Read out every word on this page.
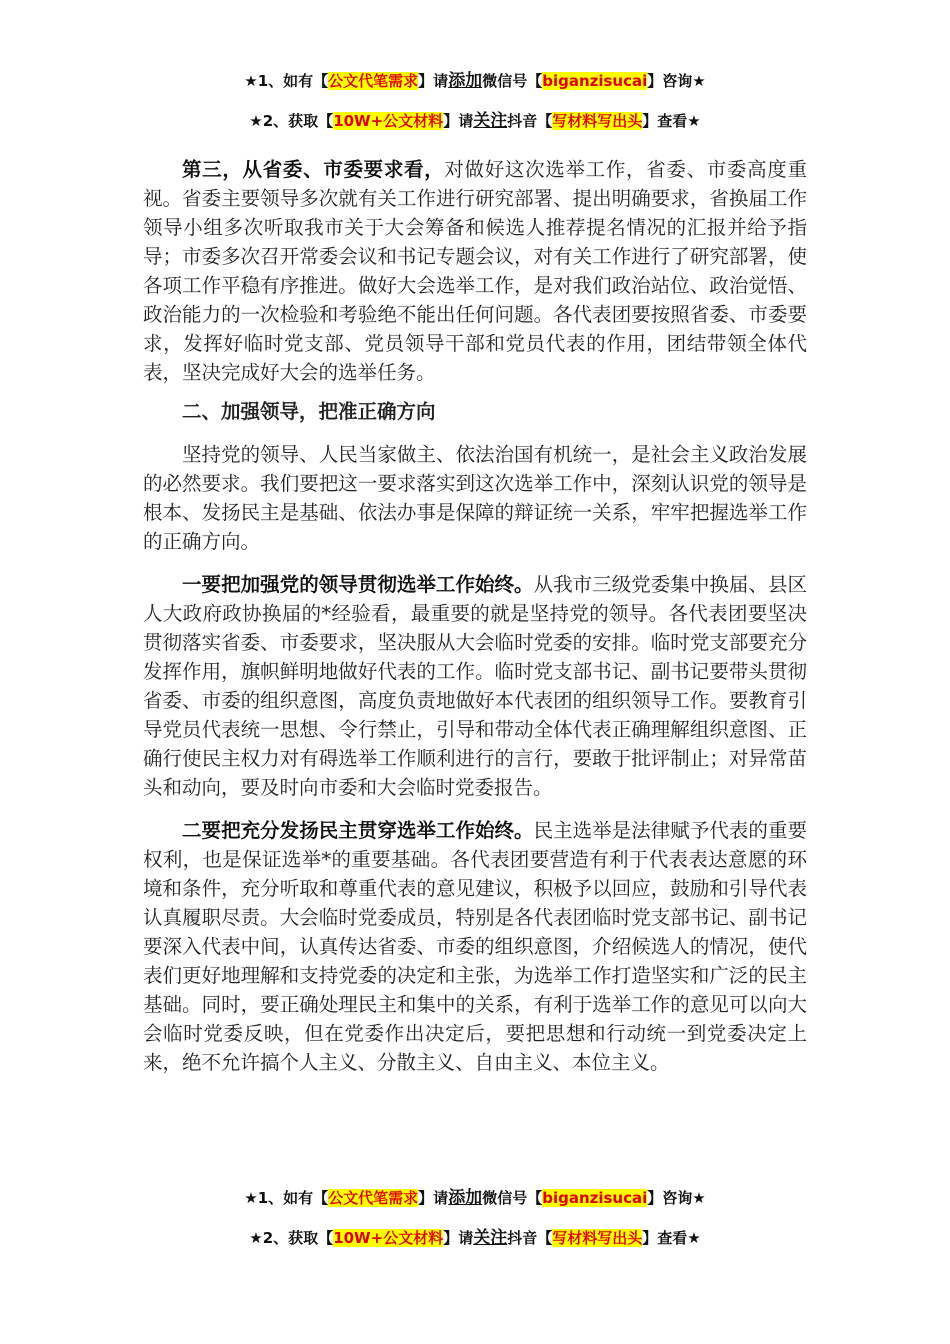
★1、如有【公文代笔需求】请添加微信号【biganzisucai】咨询★
★2、获取【10W+公文材料】请关注抖音【写材料写出头】查看★

第三，从省委、市委要求看，对做好这次选举工作，省委、市委高度重视。省委主要领导多次就有关工作进行研究部署、提出明确要求，省换届工作领导小组多次听取我市关于大会筹备和候选人推荐提名情况的汇报并给予指导；市委多次召开常委会议和书记专题会议，对有关工作进行了研究部署，使各项工作平稳有序推进。做好大会选举工作，是对我们政治站位、政治觉悟、政治能力的一次检验和考验绝不能出任何问题。各代表团要按照省委、市委要求，发挥好临时党支部、党员领导干部和党员代表的作用，团结带领全体代表，坚决完成好大会的选举任务。

二、加强领导，把准正确方向

坚持党的领导、人民当家做主、依法治国有机统一，是社会主义政治发展的必然要求。我们要把这一要求落实到这次选举工作中，深刻认识党的领导是根本、发扬民主是基础、依法办事是保障的辩证统一关系，牢牢把握选举工作的正确方向。

一要把加强党的领导贯彻选举工作始终。从我市三级党委集中换届、县区人大政府政协换届的*经验看，最重要的就是坚持党的领导。各代表团要坚决贯彻落实省委、市委要求，坚决服从大会临时党委的安排。临时党支部要充分发挥作用，旗帜鲜明地做好代表的工作。临时党支部书记、副书记要带头贯彻省委、市委的组织意图，高度负责地做好本代表团的组织领导工作。要教育引导党员代表统一思想、令行禁止，引导和带动全体代表正确理解组织意图、正确行使民主权力对有碍选举工作顺利进行的言行，要敢于批评制止；对异常苗头和动向，要及时向市委和大会临时党委报告。

二要把充分发扬民主贯穿选举工作始终。民主选举是法律赋予代表的重要权利，也是保证选举*的重要基础。各代表团要营造有利于代表表达意愿的环境和条件，充分听取和尊重代表的意见建议，积极予以回应，鼓励和引导代表认真履职尽责。大会临时党委成员，特别是各代表团临时党支部书记、副书记要深入代表中间，认真传达省委、市委的组织意图，介绍候选人的情况，使代表们更好地理解和支持党委的决定和主张，为选举工作打造坚实和广泛的民主基础。同时，要正确处理民主和集中的关系，有利于选举工作的意见可以向大会临时党委反映，但在党委作出决定后，要把思想和行动统一到党委决定上来，绝不允许搞个人主义、分散主义、自由主义、本位主义。

★1、如有【公文代笔需求】请添加微信号【biganzisucai】咨询★
★2、获取【10W+公文材料】请关注抖音【写材料写出头】查看★
